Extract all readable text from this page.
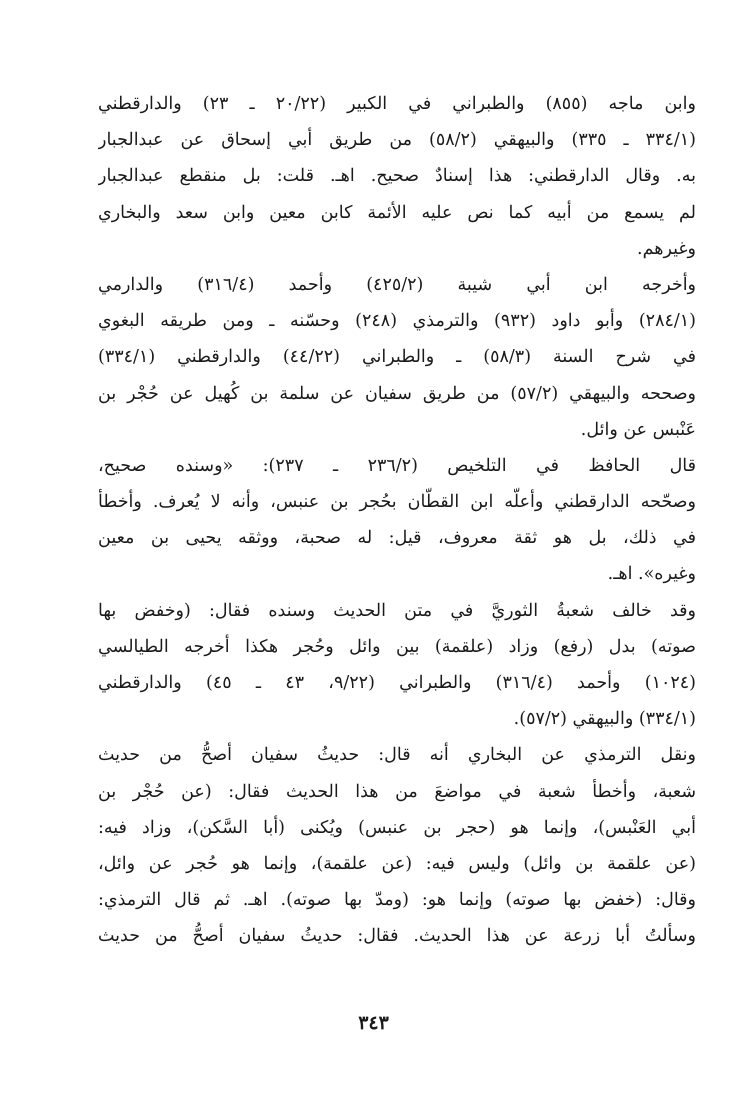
وابن ماجه (٨٥٥) والطبراني في الكبير (٢٠/٢٢ ـ ٢٣) والدارقطني
(٣٣٤/١ ـ ٣٣٥) والبيهقي (٥٨/٢) من طريق أبي إسحاق عن عبدالجبار
به. وقال الدارقطني: هذا إسنادٌ صحيح. اهـ. قلت: بل منقطع عبدالجبار
لم يسمع من أبيه كما نص عليه الأئمة كابن معين وابن سعد والبخاري
وغيرهم.
وأخرجه ابن أبي شيبة (٤٢٥/٢) وأحمد (٣١٦/٤) والدارمي
(٢٨٤/١) وأبو داود (٩٣٢) والترمذي (٢٤٨) وحسّنه ـ ومن طريقه البغوي
في شرح السنة (٥٨/٣) ـ والطبراني (٤٤/٢٢) والدارقطني (٣٣٤/١)
وصححه والبيهقي (٥٧/٢) من طريق سفيان عن سلمة بن كُهيل عن حُجْر بن
عَنْبس عن وائل.
قال الحافظ في التلخيص (٢٣٦/٢ ـ ٢٣٧): «وسنده صحيح،
وصحّحه الدارقطني وأعلّه ابن القطّان بحُجر بن عنبس، وأنه لا يُعرف. وأخطأ
في ذلك، بل هو ثقة معروف، قيل: له صحبة، ووثقه يحيى بن معين
وغيره». اهـ.
وقد خالف شعبةُ الثوريَّ في متن الحديث وسنده فقال: (وخفض بها
صوته) بدل (رفع) وزاد (علقمة) بين وائل وحُجر هكذا أخرجه الطيالسي
(١٠٢٤) وأحمد (٣١٦/٤) والطبراني (٩/٢٢، ٤٣ ـ ٤٥) والدارقطني
(٣٣٤/١) والبيهقي (٥٧/٢).
ونقل الترمذي عن البخاري أنه قال: حديثُ سفيان أصحُّ من حديث
شعبة، وأخطأ شعبة في مواضعَ من هذا الحديث فقال: (عن حُجْر بن
أبي العَنْبس)، وإنما هو (حجر بن عنبس) ويُكنى (أبا السَّكن)، وزاد فيه:
(عن علقمة بن وائل) وليس فيه: (عن علقمة)، وإنما هو حُجر عن وائل،
وقال: (خفض بها صوته) وإنما هو: (ومدّ بها صوته). اهـ. ثم قال الترمذي:
وسألتُ أبا زرعة عن هذا الحديث. فقال: حديثُ سفيان أصحُّ من حديث
٣٤٣
